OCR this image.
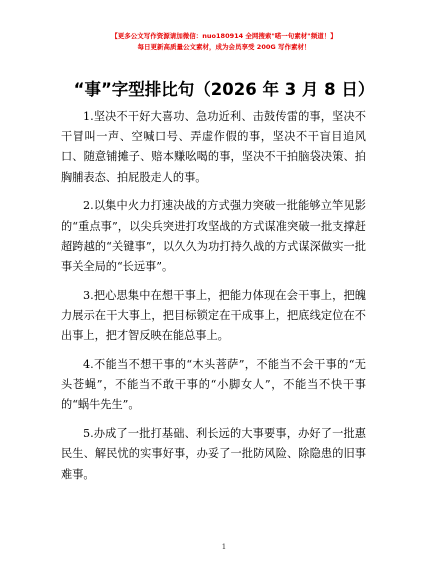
【更多公文写作资源请加微信：nuo180914 全网搜索"喏一句素材"频道！】
每日更新高质量公文素材，成为会员享受 200G 写作素材！
“事”字型排比句（2026 年 3 月 8 日）

1.坚决不干好大喜功、急功近利、击鼓传雷的事，坚决不干冒叫一声、空喊口号、弄虚作假的事，坚决不干盲目追风口、随意铺摊子、赔本赚吆喝的事，坚决不干拍脑袋决策、拍胸脯表态、拍屁股走人的事。

2.以集中火力打速决战的方式强力突破一批能够立竿见影的“重点事”，以尖兵突进打攻坚战的方式谋准突破一批支撑赶超跨越的“关键事”，以久久为功打持久战的方式谋深做实一批事关全局的“长远事”。

3.把心思集中在想干事上，把能力体现在会干事上，把魄力展示在干大事上，把目标锁定在干成事上，把底线定位在不出事上，把才智反映在能总事上。

4.不能当不想干事的“木头菩萨”，不能当不会干事的“无头苍蝇”，不能当不敢干事的“小脚女人”，不能当不快干事的“蜗牛先生”。

5.办成了一批打基础、利长远的大事要事，办好了一批惠民生、解民忧的实事好事，办妥了一批防风险、除隐患的旧事难事。

1
